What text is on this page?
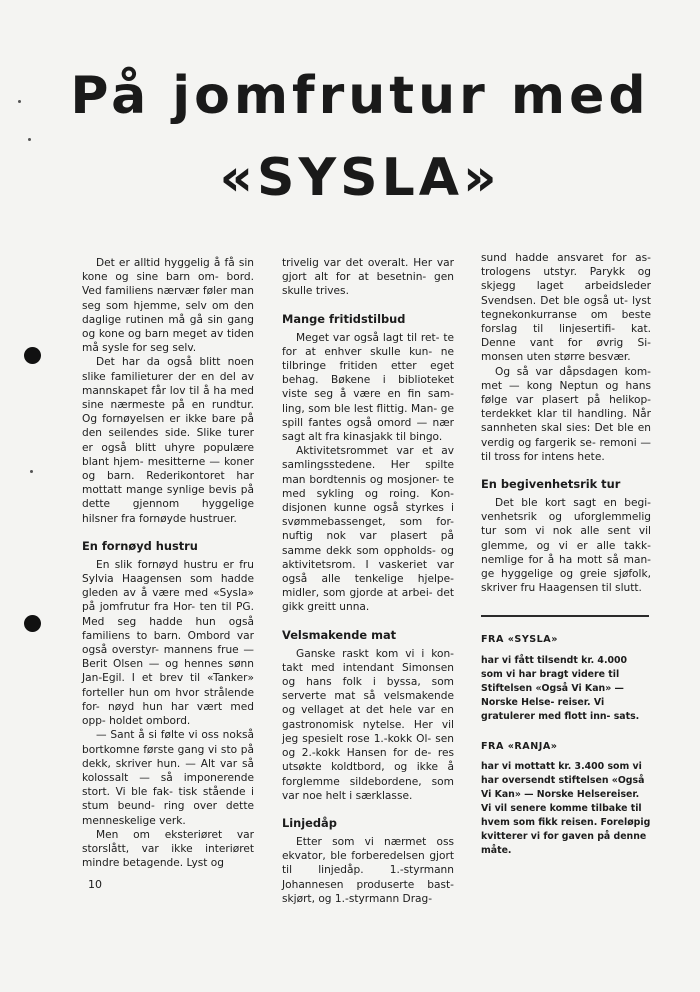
På jomfrutur med
«SYSLA»

Det er alltid hyggelig å få sin kone og sine barn om- bord. Ved familiens nærvær føler man seg som hjemme, selv om den daglige rutinen må gå sin gang og kone og barn meget av tiden må sysle for seg selv.

Det har da også blitt noen slike familieturer der en del av mannskapet får lov til å ha med sine nærmeste på en rundtur. Og fornøyelsen er ikke bare på den seilendes side. Slike turer er også blitt uhyre populære blant hjem- mesitterne — koner og barn. Rederikontoret har mottatt mange synlige bevis på dette gjennom hyggelige hilsner fra fornøyde hustruer.

En fornøyd hustru

En slik fornøyd hustru er fru Sylvia Haagensen som hadde gleden av å være med «Sysla» på jomfrutur fra Hor- ten til PG. Med seg hadde hun også familiens to barn. Ombord var også overstyr- mannens frue — Berit Olsen — og hennes sønn Jan-Egil. I et brev til «Tanker» forteller hun om hvor strålende for- nøyd hun har vært med opp- holdet ombord.

— Sant å si følte vi oss nokså bortkomne første gang vi sto på dekk, skriver hun. — Alt var så kolossalt — så imponerende stort. Vi ble fak- tisk stående i stum beund- ring over dette menneskelige verk.

Men om eksteriøret var storslått, var ikke interiøret mindre betagende. Lyst og

trivelig var det overalt. Her var gjort alt for at besetnin- gen skulle trives.

Mange fritidstilbud

Meget var også lagt til ret- te for at enhver skulle kun- ne tilbringe fritiden etter eget behag. Bøkene i biblioteket viste seg å være en fin sam- ling, som ble lest flittig. Man- ge spill fantes også omord — nær sagt alt fra kinasjakk til bingo.

Aktivitetsrommet var et av samlingsstedene. Her spilte man bordtennis og mosjoner- te med sykling og roing. Kon- disjonen kunne også styrkes i svømmebassenget, som for- nuftig nok var plasert på samme dekk som oppholds- og aktivitetsrom. I vaskeriet var også alle tenkelige hjelpe- midler, som gjorde at arbei- det gikk greitt unna.

Velsmakende mat

Ganske raskt kom vi i kon- takt med intendant Simonsen og hans folk i byssa, som serverte mat så velsmakende og vellaget at det hele var en gastronomisk nytelse. Her vil jeg spesielt rose 1.-kokk Ol- sen og 2.-kokk Hansen for de- res utsøkte koldtbord, og ikke å forglemme sildebordene, som var noe helt i særklasse.

Linjedåp

Etter som vi nærmet oss ekvator, ble forberedelsen gjort til linjedåp. 1.-styrmann Johannesen produserte bast- skjørt, og 1.-styrmann Drag-

sund hadde ansvaret for as- trologens utstyr. Parykk og skjegg laget arbeidsleder Svendsen. Det ble også ut- lyst tegnekonkurranse om beste forslag til linjesertifi- kat. Denne vant for øvrig Si- monsen uten større besvær.

Og så var dåpsdagen kom- met — kong Neptun og hans følge var plasert på helikop- terdekket klar til handling. Når sannheten skal sies: Det ble en verdig og fargerik se- remoni — til tross for intens hete.

En begivenhetsrik tur

Det ble kort sagt en begi- venhetsrik og uforglemmelig tur som vi nok alle sent vil glemme, og vi er alle takk- nemlige for å ha mott så man- ge hyggelige og greie sjøfolk, skriver fru Haagensen til slutt.

FRA «SYSLA»

har vi fått tilsendt kr. 4.000 som vi har bragt videre til Stiftelsen «Også Vi Kan» — Norske Helse- reiser. Vi gratulerer med flott inn- sats.

FRA «RANJA»

har vi mottatt kr. 3.400 som vi har oversendt stiftelsen «Også Vi Kan» — Norske Helsereiser. Vi vil senere komme tilbake til hvem som fikk reisen. Foreløpig kvitterer vi for gaven på denne måte.

10
